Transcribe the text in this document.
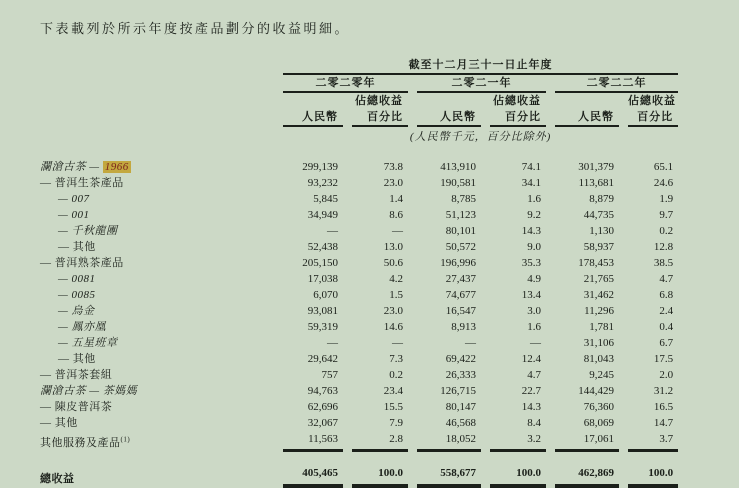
下表載列於所示年度按產品劃分的收益明細。

	截至十二月三十一日止年度										
	二零二零年				二零二一年				二零二二年		
			佔總收益				佔總收益				佔總收益
	人民幣		百分比		人民幣		百分比		人民幣		百分比
	(人民幣千元，百分比除外)										
瀾滄古茶 — 1966	299,139		73.8		413,910		74.1		301,379		65.1
— 普洱生茶產品	93,232		23.0		190,581		34.1		113,681		24.6
— 007	5,845		1.4		8,785		1.6		8,879		1.9
— 001	34,949		8.6		51,123		9.2		44,735		9.7
— 千秋龍團	—		—		80,101		14.3		1,130		0.2
— 其他	52,438		13.0		50,572		9.0		58,937		12.8
— 普洱熟茶產品	205,150		50.6		196,996		35.3		178,453		38.5
— 0081	17,038		4.2		27,437		4.9		21,765		4.7
— 0085	6,070		1.5		74,677		13.4		31,462		6.8
— 烏金	93,081		23.0		16,547		3.0		11,296		2.4
— 鳳亦凰	59,319		14.6		8,913		1.6		1,781		0.4
— 五星班章	—		—		—		—		31,106		6.7
— 其他	29,642		7.3		69,422		12.4		81,043		17.5
— 普洱茶套組	757		0.2		26,333		4.7		9,245		2.0
瀾滄古茶 — 茶媽媽	94,763		23.4		126,715		22.7		144,429		31.2
— 陳皮普洱茶	62,696		15.5		80,147		14.3		76,360		16.5
— 其他	32,067		7.9		46,568		8.4		68,069		14.7
其他服務及產品$^{(1)}$	11,563		2.8		18,052		3.2		17,061		3.7

總收益	405,465		100.0		558,677		100.0		462,869		100.0
